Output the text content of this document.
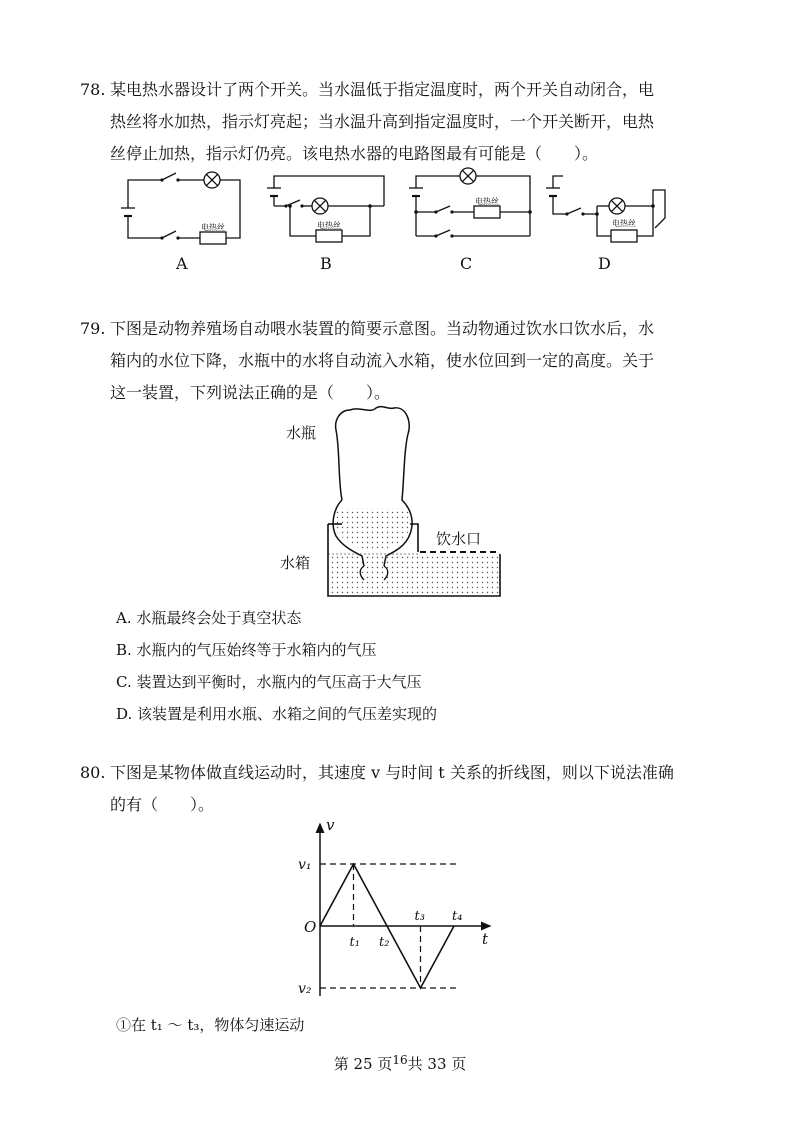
78. 某电热水器设计了两个开关。当水温低于指定温度时，两个开关自动闭合，电
热丝将水加热，指示灯亮起；当水温升高到指定温度时，一个开关断开，电热
丝停止加热，指示灯仍亮。该电热水器的电路图最有可能是（　　）。
电热丝
A
电热丝
B
电热丝
C
电热丝
D
79. 下图是动物养殖场自动喂水装置的简要示意图。当动物通过饮水口饮水后，水
箱内的水位下降，水瓶中的水将自动流入水箱，使水位回到一定的高度。关于
这一装置，下列说法正确的是（　　）。
水瓶
饮水口
水箱
A. 水瓶最终会处于真空状态
B. 水瓶内的气压始终等于水箱内的气压
C. 装置达到平衡时，水瓶内的气压高于大气压
D. 该装置是利用水瓶、水箱之间的气压差实现的
80. 下图是某物体做直线运动时，其速度 v 与时间 t 关系的折线图，则以下说法准确
的有（　　）。
t
v
O
v₁
v₂
t₁ t₂
t₃ t₄
①在 t₁ ～ t₃，物体匀速运动
第 25 页$^{16}$共 33 页
